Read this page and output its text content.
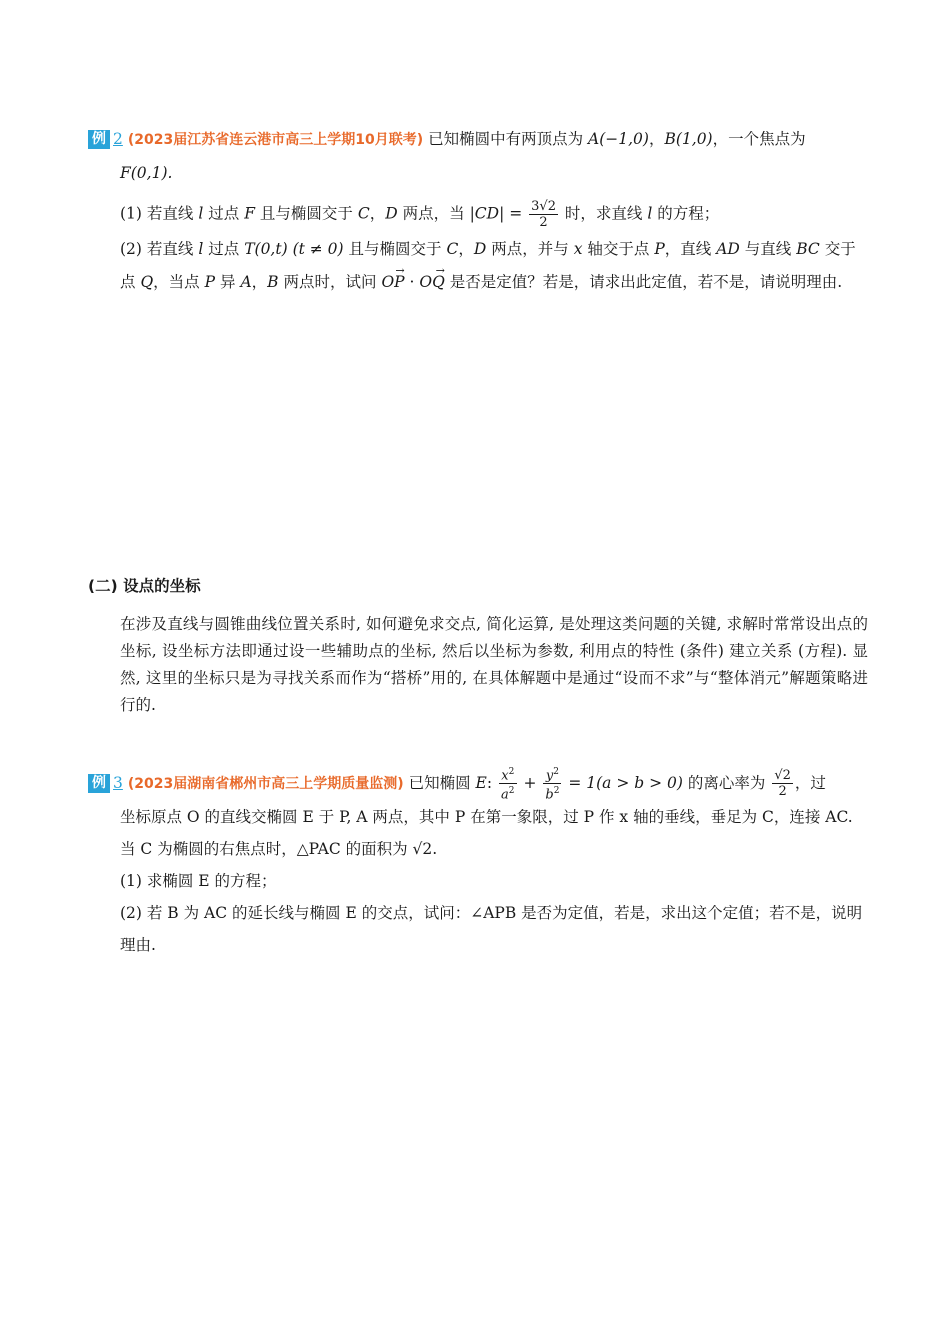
例 2 (2023届江苏省连云港市高三上学期10月联考) 已知椭圆中有两顶点为 A(−1,0)，B(1,0)，一个焦点为
F(0,1).
(1) 若直线 l 过点 F 且与椭圆交于 C，D 两点，当 $|CD| = \frac{3√2}{2}$ 时，求直线 l 的方程；
(2) 若直线 l 过点 T(0,t) (t ≠ 0) 且与椭圆交于 C，D 两点，并与 x 轴交于点 P，直线 AD 与直线 BC 交于
点 Q，当点 P 异 A，B 两点时，试问 → OP · → OQ 是否是定值？若是，请求出此定值，若不是，请说明理由.
(二) 设点的坐标
在涉及直线与圆锥曲线位置关系时, 如何避免求交点, 简化运算, 是处理这类问题的关键, 求解时常常设出点的坐标, 设坐标方法即通过设一些辅助点的坐标, 然后以坐标为参数, 利用点的特性 (条件) 建立关系 (方程). 显然, 这里的坐标只是为寻找关系而作为“搭桥”用的, 在具体解题中是通过“设而不求”与“整体消元”解题策略进行的.
例 3 (2023届湖南省郴州市高三上学期质量监测) 已知椭圆 E: $\frac{x^2}{a^2} + \frac{y^2}{b^2} = 1(a > b > 0)$ 的离心率为 $\frac{√2}{2}$ ，过
坐标原点 O 的直线交椭圆 E 于 P, A 两点，其中 P 在第一象限，过 P 作 x 轴的垂线，垂足为 C，连接 AC.
当 C 为椭圆的右焦点时，△PAC 的面积为 √2.
(1) 求椭圆 E 的方程；
(2) 若 B 为 AC 的延长线与椭圆 E 的交点，试问：∠APB 是否为定值，若是，求出这个定值；若不是，说明
理由.
